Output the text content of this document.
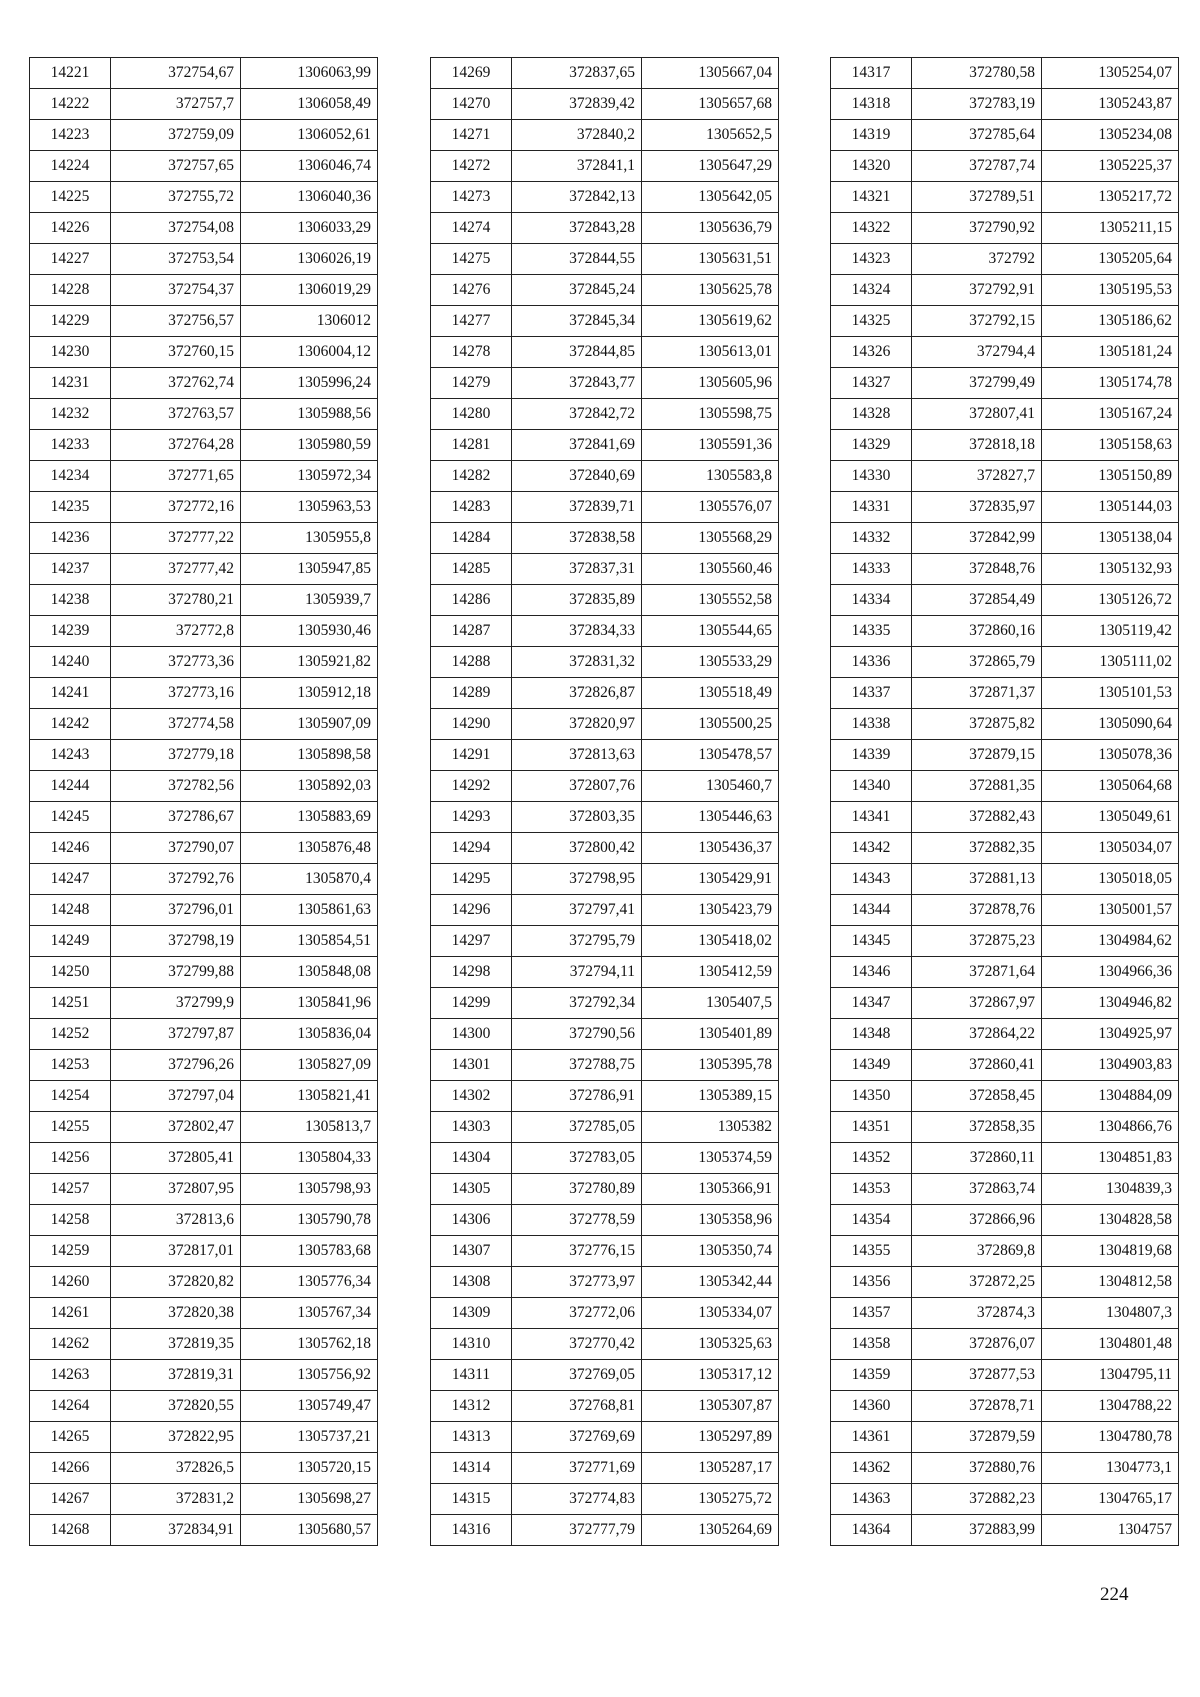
14221	372754,67	1306063,99
14222	372757,7	1306058,49
14223	372759,09	1306052,61
14224	372757,65	1306046,74
14225	372755,72	1306040,36
14226	372754,08	1306033,29
14227	372753,54	1306026,19
14228	372754,37	1306019,29
14229	372756,57	1306012
14230	372760,15	1306004,12
14231	372762,74	1305996,24
14232	372763,57	1305988,56
14233	372764,28	1305980,59
14234	372771,65	1305972,34
14235	372772,16	1305963,53
14236	372777,22	1305955,8
14237	372777,42	1305947,85
14238	372780,21	1305939,7
14239	372772,8	1305930,46
14240	372773,36	1305921,82
14241	372773,16	1305912,18
14242	372774,58	1305907,09
14243	372779,18	1305898,58
14244	372782,56	1305892,03
14245	372786,67	1305883,69
14246	372790,07	1305876,48
14247	372792,76	1305870,4
14248	372796,01	1305861,63
14249	372798,19	1305854,51
14250	372799,88	1305848,08
14251	372799,9	1305841,96
14252	372797,87	1305836,04
14253	372796,26	1305827,09
14254	372797,04	1305821,41
14255	372802,47	1305813,7
14256	372805,41	1305804,33
14257	372807,95	1305798,93
14258	372813,6	1305790,78
14259	372817,01	1305783,68
14260	372820,82	1305776,34
14261	372820,38	1305767,34
14262	372819,35	1305762,18
14263	372819,31	1305756,92
14264	372820,55	1305749,47
14265	372822,95	1305737,21
14266	372826,5	1305720,15
14267	372831,2	1305698,27
14268	372834,91	1305680,57
14269	372837,65	1305667,04
14270	372839,42	1305657,68
14271	372840,2	1305652,5
14272	372841,1	1305647,29
14273	372842,13	1305642,05
14274	372843,28	1305636,79
14275	372844,55	1305631,51
14276	372845,24	1305625,78
14277	372845,34	1305619,62
14278	372844,85	1305613,01
14279	372843,77	1305605,96
14280	372842,72	1305598,75
14281	372841,69	1305591,36
14282	372840,69	1305583,8
14283	372839,71	1305576,07
14284	372838,58	1305568,29
14285	372837,31	1305560,46
14286	372835,89	1305552,58
14287	372834,33	1305544,65
14288	372831,32	1305533,29
14289	372826,87	1305518,49
14290	372820,97	1305500,25
14291	372813,63	1305478,57
14292	372807,76	1305460,7
14293	372803,35	1305446,63
14294	372800,42	1305436,37
14295	372798,95	1305429,91
14296	372797,41	1305423,79
14297	372795,79	1305418,02
14298	372794,11	1305412,59
14299	372792,34	1305407,5
14300	372790,56	1305401,89
14301	372788,75	1305395,78
14302	372786,91	1305389,15
14303	372785,05	1305382
14304	372783,05	1305374,59
14305	372780,89	1305366,91
14306	372778,59	1305358,96
14307	372776,15	1305350,74
14308	372773,97	1305342,44
14309	372772,06	1305334,07
14310	372770,42	1305325,63
14311	372769,05	1305317,12
14312	372768,81	1305307,87
14313	372769,69	1305297,89
14314	372771,69	1305287,17
14315	372774,83	1305275,72
14316	372777,79	1305264,69
14317	372780,58	1305254,07
14318	372783,19	1305243,87
14319	372785,64	1305234,08
14320	372787,74	1305225,37
14321	372789,51	1305217,72
14322	372790,92	1305211,15
14323	372792	1305205,64
14324	372792,91	1305195,53
14325	372792,15	1305186,62
14326	372794,4	1305181,24
14327	372799,49	1305174,78
14328	372807,41	1305167,24
14329	372818,18	1305158,63
14330	372827,7	1305150,89
14331	372835,97	1305144,03
14332	372842,99	1305138,04
14333	372848,76	1305132,93
14334	372854,49	1305126,72
14335	372860,16	1305119,42
14336	372865,79	1305111,02
14337	372871,37	1305101,53
14338	372875,82	1305090,64
14339	372879,15	1305078,36
14340	372881,35	1305064,68
14341	372882,43	1305049,61
14342	372882,35	1305034,07
14343	372881,13	1305018,05
14344	372878,76	1305001,57
14345	372875,23	1304984,62
14346	372871,64	1304966,36
14347	372867,97	1304946,82
14348	372864,22	1304925,97
14349	372860,41	1304903,83
14350	372858,45	1304884,09
14351	372858,35	1304866,76
14352	372860,11	1304851,83
14353	372863,74	1304839,3
14354	372866,96	1304828,58
14355	372869,8	1304819,68
14356	372872,25	1304812,58
14357	372874,3	1304807,3
14358	372876,07	1304801,48
14359	372877,53	1304795,11
14360	372878,71	1304788,22
14361	372879,59	1304780,78
14362	372880,76	1304773,1
14363	372882,23	1304765,17
14364	372883,99	1304757
224
